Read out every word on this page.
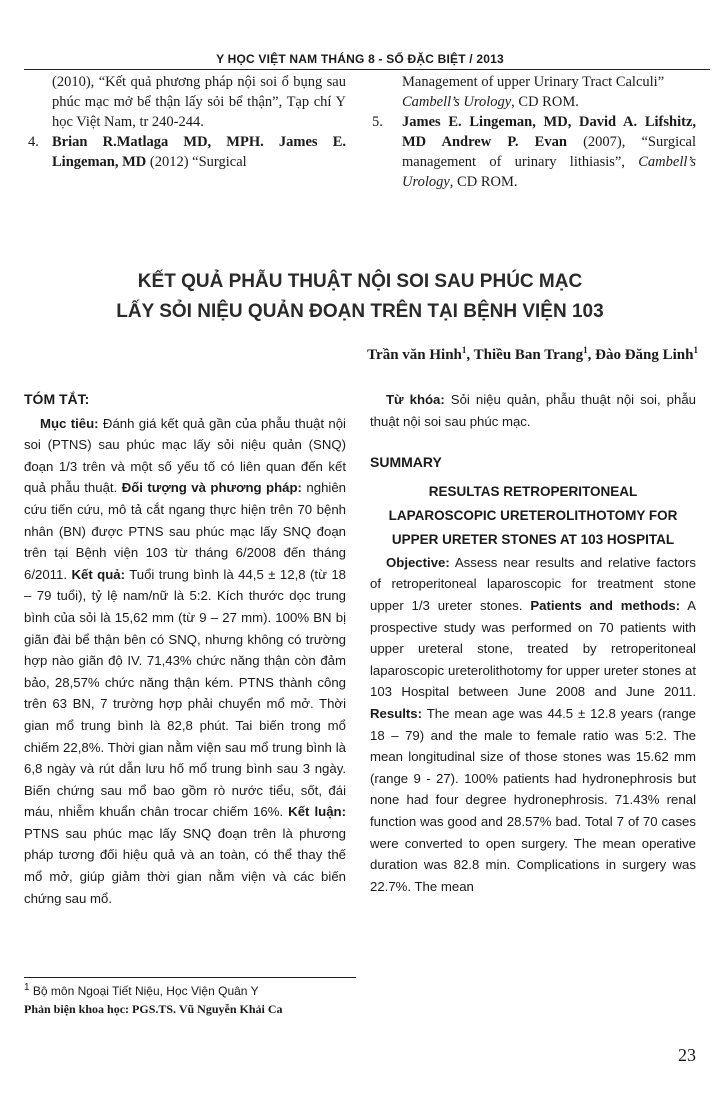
Y HỌC VIỆT NAM THÁNG 8 - SỐ ĐẶC BIỆT / 2013
(2010), “Kết quả phương pháp nội soi ổ bụng sau phúc mạc mở bể thận lấy sỏi bể thận”, Tạp chí Y học Việt Nam, tr 240-244.
4. Brian R.Matlaga MD, MPH. James E. Lingeman, MD (2012) “Surgical
Management of upper Urinary Tract Calculi”
Cambell’s Urology, CD ROM.
5. James E. Lingeman, MD, David A. Lifshitz, MD Andrew P. Evan (2007), “Surgical management of urinary lithiasis”, Cambell’s Urology, CD ROM.
KẾT QUẢ PHẪU THUẬT NỘI SOI SAU PHÚC MẠC
LẤY SỎI NIỆU QUẢN ĐOẠN TRÊN TẠI BỆNH VIỆN 103
Trần văn Hinh$^1$, Thiều Ban Trang$^1$, Đào Đăng Linh$^1$
TÓM TẮT:
Mục tiêu: Đánh giá kết quả gần của phẫu thuật nội soi (PTNS) sau phúc mạc lấy sỏi niệu quản (SNQ) đoạn 1/3 trên và một số yếu tố có liên quan đến kết quả phẫu thuật. Đối tượng và phương pháp: nghiên cứu tiến cứu, mô tả cắt ngang thực hiện trên 70 bệnh nhân (BN) được PTNS sau phúc mạc lấy SNQ đoạn trên tại Bệnh viện 103 từ tháng 6/2008 đến tháng 6/2011. Kết quả: Tuổi trung bình là 44,5 ± 12,8 (từ 18 – 79 tuổi), tỷ lệ nam/nữ là 5:2. Kích thước dọc trung bình của sỏi là 15,62 mm (từ 9 – 27 mm). 100% BN bị giãn đài bể thận bên có SNQ, nhưng không có trường hợp nào giãn độ IV. 71,43% chức năng thận còn đảm bảo, 28,57% chức năng thận kém. PTNS thành công trên 63 BN, 7 trường hợp phải chuyển mổ mở. Thời gian mổ trung bình là 82,8 phút. Tai biến trong mổ chiếm 22,8%. Thời gian nằm viện sau mổ trung bình là 6,8 ngày và rút dẫn lưu hố mổ trung bình sau 3 ngày. Biến chứng sau mổ bao gồm rò nước tiểu, sốt, đái máu, nhiễm khuẩn chân trocar chiếm 16%. Kết luận: PTNS sau phúc mạc lấy SNQ đoạn trên là phương pháp tương đối hiệu quả và an toàn, có thể thay thế mổ mở, giúp giảm thời gian nằm viện và các biến chứng sau mổ.
Từ khóa: Sỏi niệu quản, phẫu thuật nội soi, phẫu thuật nội soi sau phúc mạc.
SUMMARY
RESULTAS RETROPERITONEAL
LAPAROSCOPIC URETEROLITHOTOMY FOR
UPPER URETER STONES AT 103 HOSPITAL
Objective: Assess near results and relative factors of retroperitoneal laparoscopic for treatment stone upper 1/3 ureter stones. Patients and methods: A prospective study was performed on 70 patients with upper ureteral stone, treated by retroperitoneal laparoscopic ureterolithotomy for upper ureter stones at 103 Hospital between June 2008 and June 2011. Results: The mean age was 44.5 ± 12.8 years (range 18 – 79) and the male to female ratio was 5:2. The mean longitudinal size of those stones was 15.62 mm (range 9 - 27). 100% patients had hydronephrosis but none had four degree hydronephrosis. 71.43% renal function was good and 28.57% bad. Total 7 of 70 cases were converted to open surgery. The mean operative duration was 82.8 min. Complications in surgery was 22.7%. The mean
$^1$ Bộ môn Ngoại Tiết Niệu, Học Viện Quân Y
Phản biện khoa học: PGS.TS. Vũ Nguyễn Khải Ca
23
